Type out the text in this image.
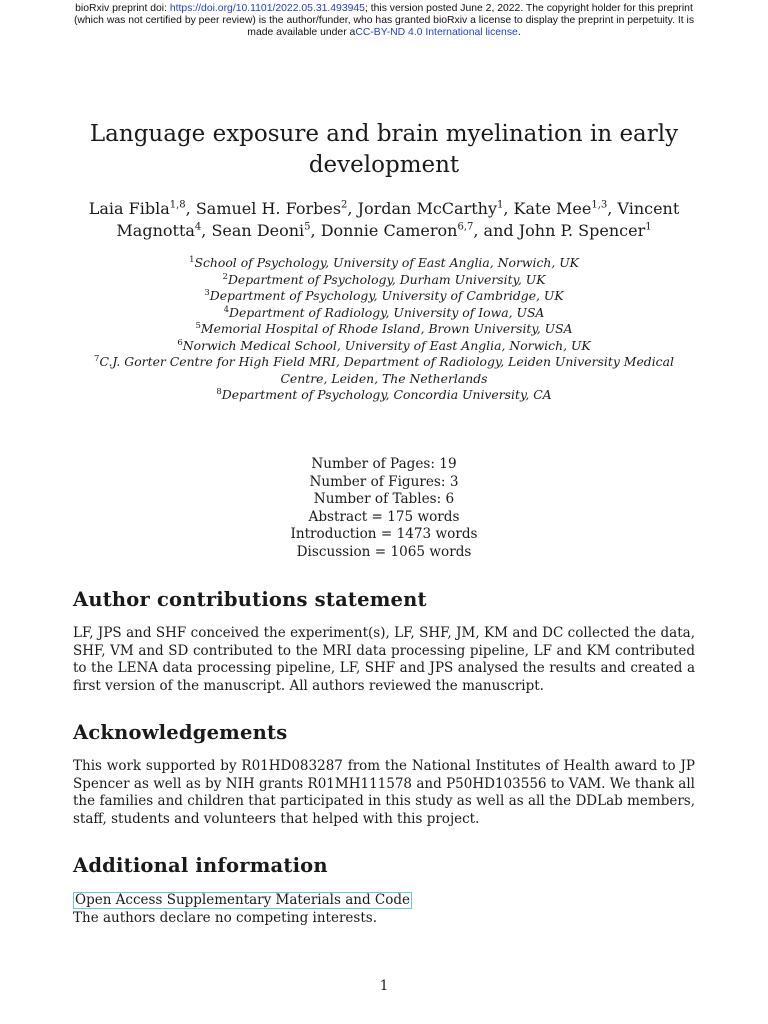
bioRxiv preprint doi: https://doi.org/10.1101/2022.05.31.493945; this version posted June 2, 2022. The copyright holder for this preprint
(which was not certified by peer review) is the author/funder, who has granted bioRxiv a license to display the preprint in perpetuity. It is
made available under aCC-BY-ND 4.0 International license.
Language exposure and brain myelination in early development
Laia Fibla$^{1,8}$, Samuel H. Forbes$^2$, Jordan McCarthy$^1$, Kate Mee$^{1,3}$, Vincent Magnotta$^4$, Sean Deoni$^5$, Donnie Cameron$^{6,7}$, and John P. Spencer$^1$
$^1$School of Psychology, University of East Anglia, Norwich, UK
$^2$Department of Psychology, Durham University, UK
$^3$Department of Psychology, University of Cambridge, UK
$^4$Department of Radiology, University of Iowa, USA
$^5$Memorial Hospital of Rhode Island, Brown University, USA
$^6$Norwich Medical School, University of East Anglia, Norwich, UK
$^7$C.J. Gorter Centre for High Field MRI, Department of Radiology, Leiden University Medical Centre, Leiden, The Netherlands
$^8$Department of Psychology, Concordia University, CA
Number of Pages: 19
Number of Figures: 3
Number of Tables: 6
Abstract = 175 words
Introduction = 1473 words
Discussion = 1065 words
Author contributions statement

LF, JPS and SHF conceived the experiment(s), LF, SHF, JM, KM and DC collected the data, SHF, VM and SD contributed to the MRI data processing pipeline, LF and KM contributed to the LENA data processing pipeline, LF, SHF and JPS analysed the results and created a first version of the manuscript. All authors reviewed the manuscript.

Acknowledgements

This work supported by R01HD083287 from the National Institutes of Health award to JP Spencer as well as by NIH grants R01MH111578 and P50HD103556 to VAM. We thank all the families and children that participated in this study as well as all the DDLab members, staff, students and volunteers that helped with this project.

Additional information
Open Access Supplementary Materials and Code
The authors declare no competing interests.
1
